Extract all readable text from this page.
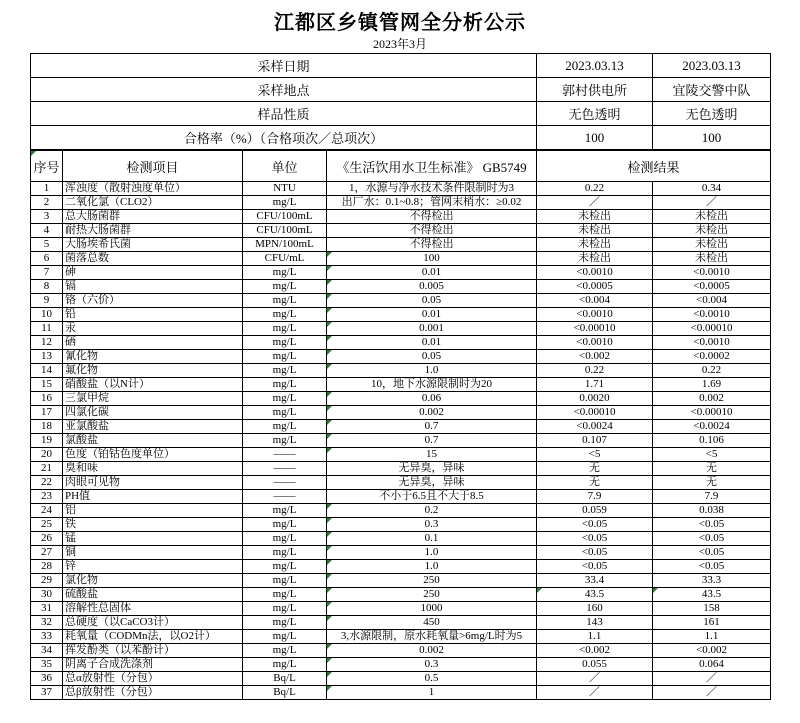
江都区乡镇管网全分析公示
2023年3月
采样日期	2023.03.13	2023.03.13
采样地点	郭村供电所	宜陵交警中队
样品性质	无色透明	无色透明
合格率（%）（合格项次／总项次）	100	100
序号	检测项目	单位	《生活饮用水卫生标准》 GB5749	检测结果	
1	浑浊度（散射浊度单位）	NTU	1，水源与净水技术条件限制时为3	0.22	0.34
2	二氧化氯（CLO2）	mg/L	出厂水：0.1~0.8；管网末梢水：≥0.02	／	／
3	总大肠菌群	CFU/100mL	不得检出	未检出	未检出
4	耐热大肠菌群	CFU/100mL	不得检出	未检出	未检出
5	大肠埃希氏菌	MPN/100mL	不得检出	未检出	未检出
6	菌落总数	CFU/mL	100	未检出	未检出
7	砷	mg/L	0.01	<0.0010	<0.0010
8	镉	mg/L	0.005	<0.0005	<0.0005
9	铬（六价）	mg/L	0.05	<0.004	<0.004
10	铅	mg/L	0.01	<0.0010	<0.0010
11	汞	mg/L	0.001	<0.00010	<0.00010
12	硒	mg/L	0.01	<0.0010	<0.0010
13	氰化物	mg/L	0.05	<0.002	<0.0002
14	氟化物	mg/L	1.0	0.22	0.22
15	硝酸盐（以N计）	mg/L	10，地下水源限制时为20	1.71	1.69
16	三氯甲烷	mg/L	0.06	0.0020	0.002
17	四氯化碳	mg/L	0.002	<0.00010	<0.00010
18	亚氯酸盐	mg/L	0.7	<0.0024	<0.0024
19	氯酸盐	mg/L	0.7	0.107	0.106
20	色度（铂钴色度单位）	——	15	<5	<5
21	臭和味	——	无异臭，异味	无	无
22	肉眼可见物	——	无异臭，异味	无	无
23	PH值	——	不小于6.5且不大于8.5	7.9	7.9
24	铝	mg/L	0.2	0.059	0.038
25	铁	mg/L	0.3	<0.05	<0.05
26	锰	mg/L	0.1	<0.05	<0.05
27	铜	mg/L	1.0	<0.05	<0.05
28	锌	mg/L	1.0	<0.05	<0.05
29	氯化物	mg/L	250	33.4	33.3
30	硫酸盐	mg/L	250	43.5	43.5
31	溶解性总固体	mg/L	1000	160	158
32	总硬度（以CaCO3计）	mg/L	450	143	161
33	耗氧量（CODMn法，以O2计）	mg/L	3,水源限制，原水耗氧量>6mg/L时为5	1.1	1.1
34	挥发酚类（以苯酚计）	mg/L	0.002	<0.002	<0.002
35	阴离子合成洗涤剂	mg/L	0.3	0.055	0.064
36	总α放射性（分包）	Bq/L	0.5	／	／
37	总β放射性（分包）	Bq/L	1	／	／
